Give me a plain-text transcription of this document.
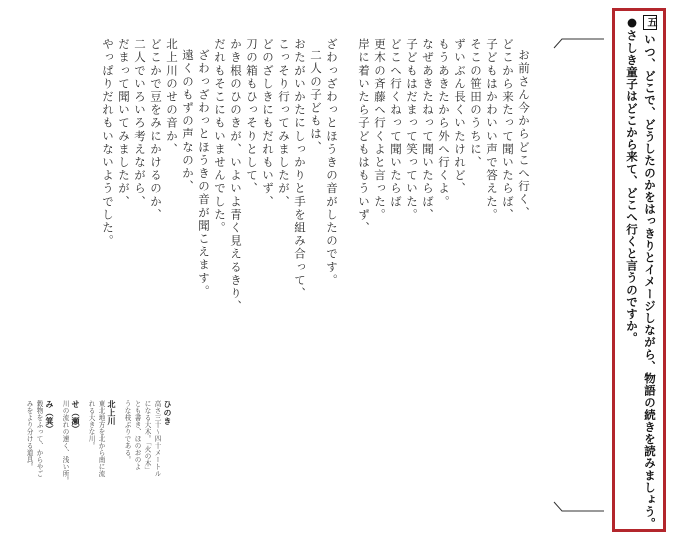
五いつ、どこで、どうしたのかをはっきりとイメージしながら、物語の続きを読みましょう。
●さしき童子はどこから来て、どこへ行くと言うのですか。
お前さん今からどこへ行く、
どこから来たって聞いたらば、
子どもはかわいい声で答えた。
そこの笹田のうちに、
ずいぶん長くいたけれど、
もうあきたから外へ行くよ。
なぜあきたねって聞いたらば、
子どもはだまって笑っていた。
どこへ行くねって聞いたらば
更木の斉藤へ行くよと言った。
岸に着いたら子どもはもういず、
ざわっざわっとほうきの音がしたのです。
二人の子どもは、
おたがいかたにしっかりと手を組み合って、
こっそり行ってみましたが、
どのざしきにもだれもいず、
刀の箱もひっそりとして、
かき根のひのきが、いよいよ青く見えるきり、
だれもそこにもいませんでした。
ざわっざわっとほうきの音が聞こえます。
遠くのもずの声なのか、
北上川のせの音か、
どこかで豆をみにかけるのか、
二人でいろいろ考えながら、
だまって聞いてみましたが、
やっぱりだれもいないようでした。
ひのき
高さ三十〜四十メートル
になる大木。「火の木」
とも書き、ほのおのよ
うな枝ぶりである。
北上川
東北地方を北から南に流
れる大きな川。
せ（瀬）
川の流れの速く、浅い所。
み（箕）
穀物をふって、からやご
みをより分ける道具。
